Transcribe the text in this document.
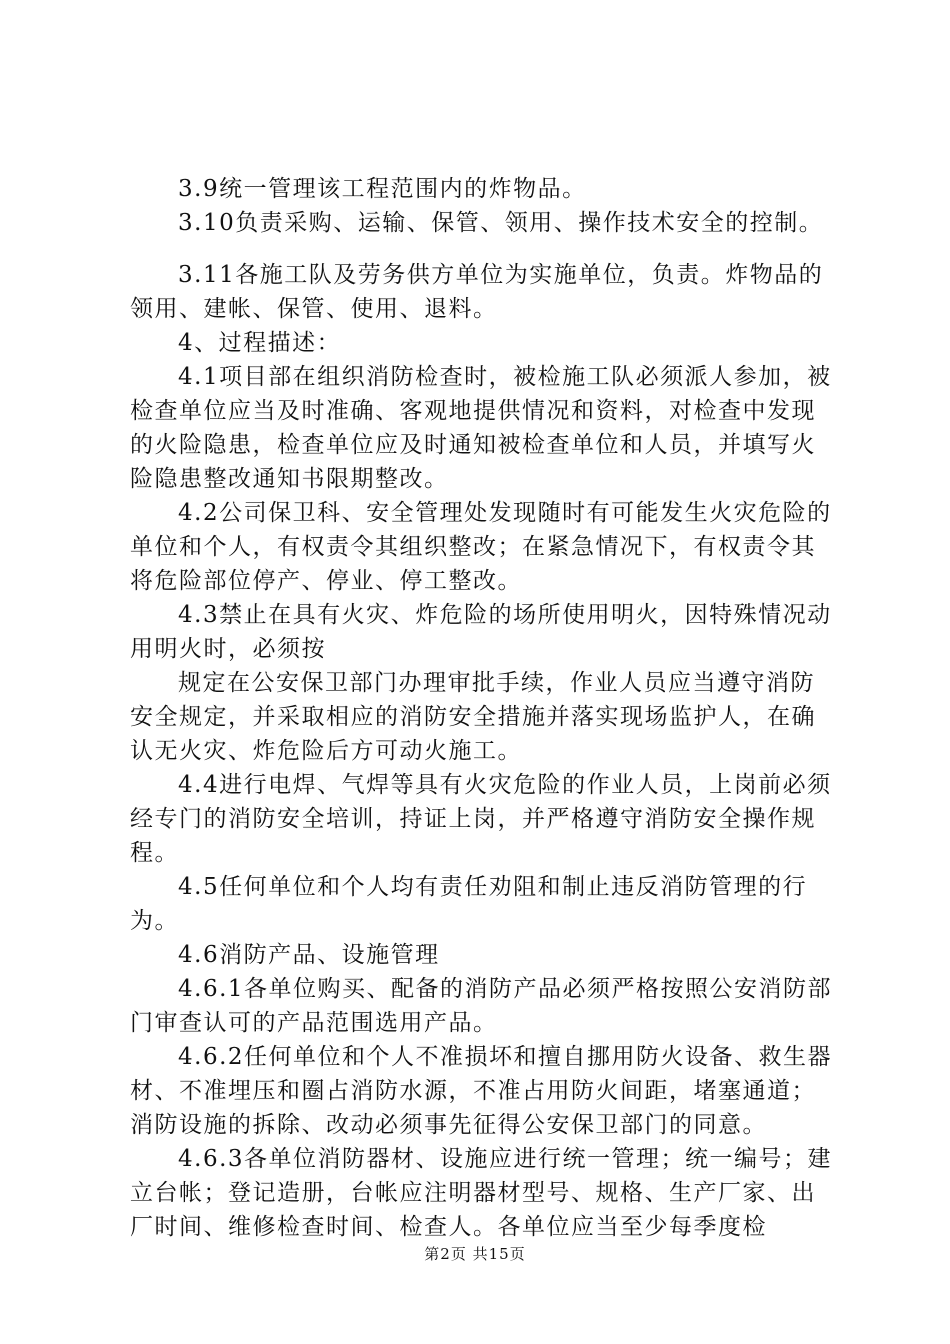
3.9统一管理该工程范围内的炸物品。

3.10负责采购、运输、保管、领用、操作技术安全的控制。

3.11各施工队及劳务供方单位为实施单位，负责。炸物品的领用、建帐、保管、使用、退料。

4、过程描述：

4.1项目部在组织消防检查时，被检施工队必须派人参加，被检查单位应当及时准确、客观地提供情况和资料，对检查中发现的火险隐患，检查单位应及时通知被检查单位和人员，并填写火险隐患整改通知书限期整改。

4.2公司保卫科、安全管理处发现随时有可能发生火灾危险的单位和个人，有权责令其组织整改；在紧急情况下，有权责令其将危险部位停产、停业、停工整改。

4.3禁止在具有火灾、炸危险的场所使用明火，因特殊情况动用明火时，必须按

规定在公安保卫部门办理审批手续，作业人员应当遵守消防安全规定，并采取相应的消防安全措施并落实现场监护人，在确认无火灾、炸危险后方可动火施工。

4.4进行电焊、气焊等具有火灾危险的作业人员，上岗前必须经专门的消防安全培训，持证上岗，并严格遵守消防安全操作规程。

4.5任何单位和个人均有责任劝阻和制止违反消防管理的行为。

4.6消防产品、设施管理

4.6.1各单位购买、配备的消防产品必须严格按照公安消防部门审查认可的产品范围选用产品。

4.6.2任何单位和个人不准损坏和擅自挪用防火设备、救生器材、不准埋压和圈占消防水源，不准占用防火间距，堵塞通道；消防设施的拆除、改动必须事先征得公安保卫部门的同意。

4.6.3各单位消防器材、设施应进行统一管理；统一编号；建立台帐；登记造册，台帐应注明器材型号、规格、生产厂家、出厂时间、维修检查时间、检查人。各单位应当至少每季度检

第2页 共15页
